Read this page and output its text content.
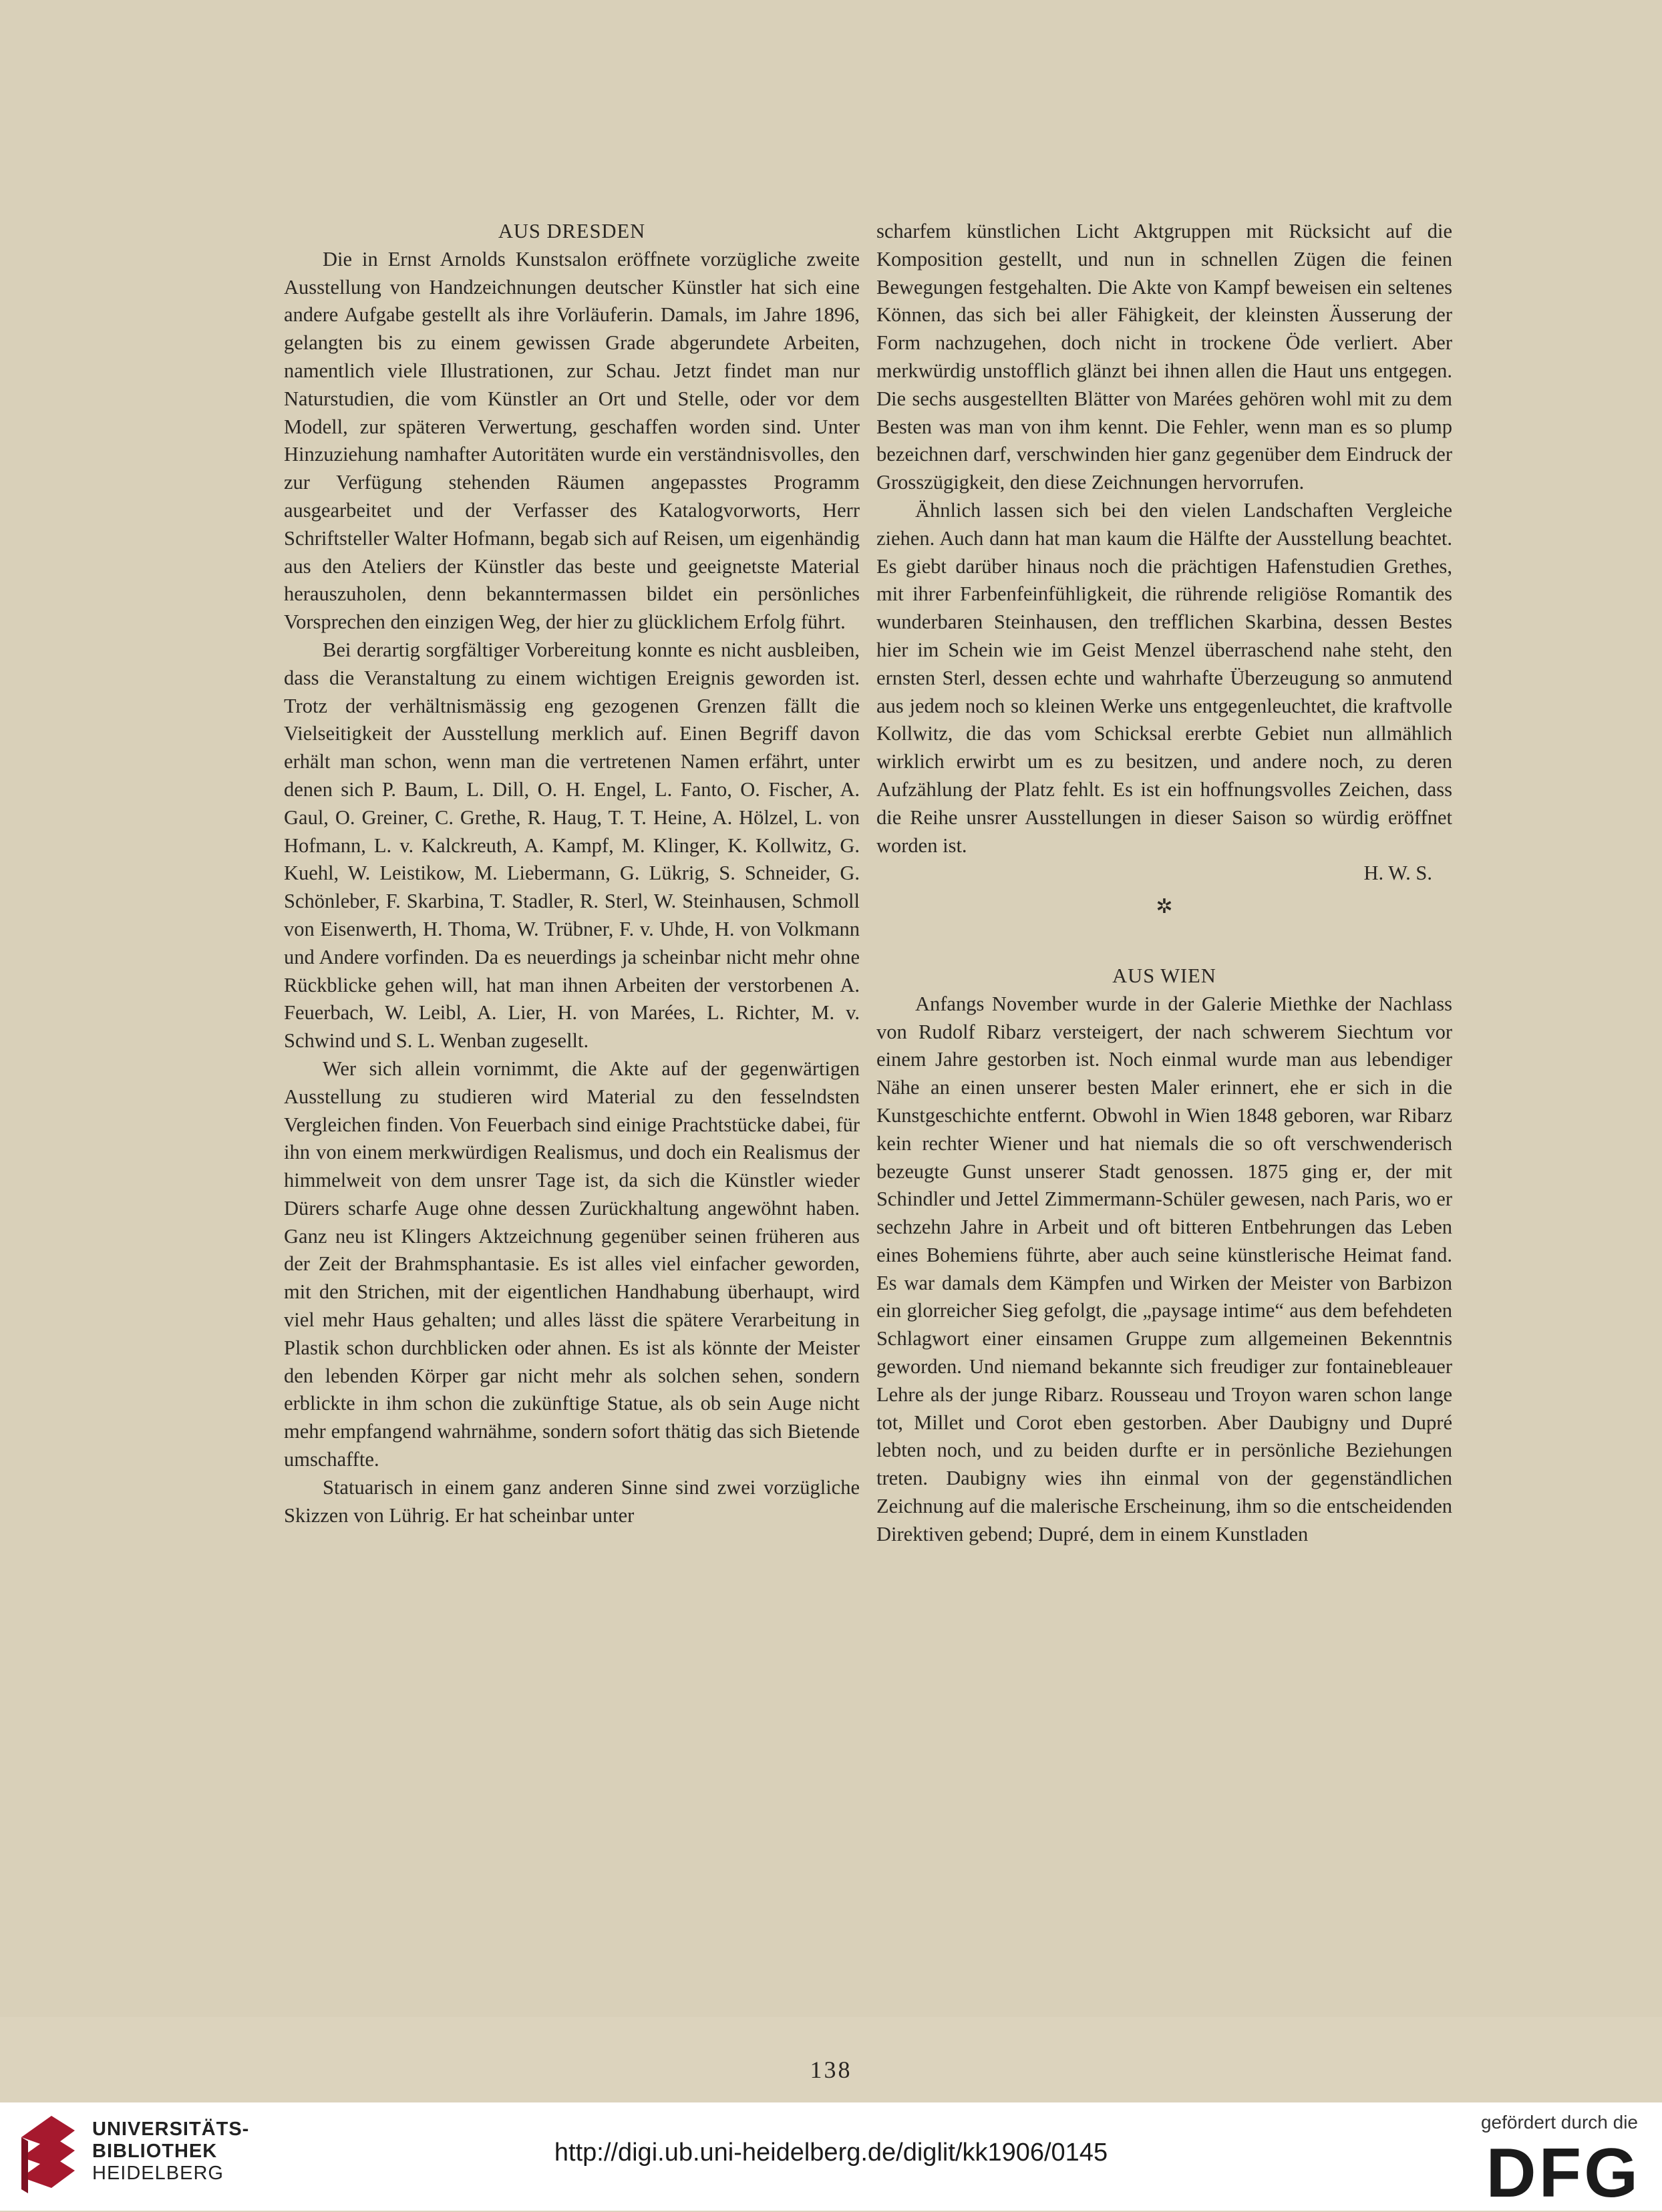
AUS DRESDEN

Die in Ernst Arnolds Kunstsalon eröffnete vorzügliche zweite Ausstellung von Handzeichnungen deutscher Künstler hat sich eine andere Aufgabe gestellt als ihre Vorläuferin. Damals, im Jahre 1896, gelangten bis zu einem gewissen Grade abgerundete Arbeiten, namentlich viele Illustrationen, zur Schau. Jetzt findet man nur Naturstudien, die vom Künstler an Ort und Stelle, oder vor dem Modell, zur späteren Verwertung, geschaffen worden sind. Unter Hinzuziehung namhafter Autoritäten wurde ein verständnisvolles, den zur Verfügung stehenden Räumen angepasstes Programm ausgearbeitet und der Verfasser des Katalogvorworts, Herr Schriftsteller Walter Hofmann, begab sich auf Reisen, um eigenhändig aus den Ateliers der Künstler das beste und geeignetste Material herauszuholen, denn bekanntermassen bildet ein persönliches Vorsprechen den einzigen Weg, der hier zu glücklichem Erfolg führt.

Bei derartig sorgfältiger Vorbereitung konnte es nicht ausbleiben, dass die Veranstaltung zu einem wichtigen Ereignis geworden ist. Trotz der verhältnismässig eng gezogenen Grenzen fällt die Vielseitigkeit der Ausstellung merklich auf. Einen Begriff davon erhält man schon, wenn man die vertretenen Namen erfährt, unter denen sich P. Baum, L. Dill, O. H. Engel, L. Fanto, O. Fischer, A. Gaul, O. Greiner, C. Grethe, R. Haug, T. T. Heine, A. Hölzel, L. von Hofmann, L. v. Kalckreuth, A. Kampf, M. Klinger, K. Kollwitz, G. Kuehl, W. Leistikow, M. Liebermann, G. Lükrig, S. Schneider, G. Schönleber, F. Skarbina, T. Stadler, R. Sterl, W. Steinhausen, Schmoll von Eisenwerth, H. Thoma, W. Trübner, F. v. Uhde, H. von Volkmann und Andere vorfinden. Da es neuerdings ja scheinbar nicht mehr ohne Rückblicke gehen will, hat man ihnen Arbeiten der verstorbenen A. Feuerbach, W. Leibl, A. Lier, H. von Marées, L. Richter, M. v. Schwind und S. L. Wenban zugesellt.

Wer sich allein vornimmt, die Akte auf der gegenwärtigen Ausstellung zu studieren wird Material zu den fesselndsten Vergleichen finden. Von Feuerbach sind einige Prachtstücke dabei, für ihn von einem merkwürdigen Realismus, und doch ein Realismus der himmelweit von dem unsrer Tage ist, da sich die Künstler wieder Dürers scharfe Auge ohne dessen Zurückhaltung angewöhnt haben. Ganz neu ist Klingers Aktzeichnung gegenüber seinen früheren aus der Zeit der Brahmsphantasie. Es ist alles viel einfacher geworden, mit den Strichen, mit der eigentlichen Handhabung überhaupt, wird viel mehr Haus gehalten; und alles lässt die spätere Verarbeitung in Plastik schon durchblicken oder ahnen. Es ist als könnte der Meister den lebenden Körper gar nicht mehr als solchen sehen, sondern erblickte in ihm schon die zukünftige Statue, als ob sein Auge nicht mehr empfangend wahrnähme, sondern sofort thätig das sich Bietende umschaffte.

Statuarisch in einem ganz anderen Sinne sind zwei vorzügliche Skizzen von Lührig. Er hat scheinbar unter

scharfem künstlichen Licht Aktgruppen mit Rücksicht auf die Komposition gestellt, und nun in schnellen Zügen die feinen Bewegungen festgehalten. Die Akte von Kampf beweisen ein seltenes Können, das sich bei aller Fähigkeit, der kleinsten Äusserung der Form nachzugehen, doch nicht in trockene Öde verliert. Aber merkwürdig unstofflich glänzt bei ihnen allen die Haut uns entgegen. Die sechs ausgestellten Blätter von Marées gehören wohl mit zu dem Besten was man von ihm kennt. Die Fehler, wenn man es so plump bezeichnen darf, verschwinden hier ganz gegenüber dem Eindruck der Grosszügigkeit, den diese Zeichnungen hervorrufen.

Ähnlich lassen sich bei den vielen Landschaften Vergleiche ziehen. Auch dann hat man kaum die Hälfte der Ausstellung beachtet. Es giebt darüber hinaus noch die prächtigen Hafenstudien Grethes, mit ihrer Farbenfeinfühligkeit, die rührende religiöse Romantik des wunderbaren Steinhausen, den trefflichen Skarbina, dessen Bestes hier im Schein wie im Geist Menzel überraschend nahe steht, den ernsten Sterl, dessen echte und wahrhafte Überzeugung so anmutend aus jedem noch so kleinen Werke uns entgegenleuchtet, die kraftvolle Kollwitz, die das vom Schicksal ererbte Gebiet nun allmählich wirklich erwirbt um es zu besitzen, und andere noch, zu deren Aufzählung der Platz fehlt. Es ist ein hoffnungsvolles Zeichen, dass die Reihe unsrer Ausstellungen in dieser Saison so würdig eröffnet worden ist.

H. W. S.

✲

AUS WIEN

Anfangs November wurde in der Galerie Miethke der Nachlass von Rudolf Ribarz versteigert, der nach schwerem Siechtum vor einem Jahre gestorben ist. Noch einmal wurde man aus lebendiger Nähe an einen unserer besten Maler erinnert, ehe er sich in die Kunstgeschichte entfernt. Obwohl in Wien 1848 geboren, war Ribarz kein rechter Wiener und hat niemals die so oft verschwenderisch bezeugte Gunst unserer Stadt genossen. 1875 ging er, der mit Schindler und Jettel Zimmermann-Schüler gewesen, nach Paris, wo er sechzehn Jahre in Arbeit und oft bitteren Entbehrungen das Leben eines Bohemiens führte, aber auch seine künstlerische Heimat fand. Es war damals dem Kämpfen und Wirken der Meister von Barbizon ein glorreicher Sieg gefolgt, die „paysage intime“ aus dem befehdeten Schlagwort einer einsamen Gruppe zum allgemeinen Bekenntnis geworden. Und niemand bekannte sich freudiger zur fontainebleauer Lehre als der junge Ribarz. Rousseau und Troyon waren schon lange tot, Millet und Corot eben gestorben. Aber Daubigny und Dupré lebten noch, und zu beiden durfte er in persönliche Beziehungen treten. Daubigny wies ihn einmal von der gegenständlichen Zeichnung auf die malerische Erscheinung, ihm so die entscheidenden Direktiven gebend; Dupré, dem in einem Kunstladen

138
UNIVERSITÄTS-
BIBLIOTHEK
HEIDELBERG
http://digi.ub.uni-heidelberg.de/diglit/kk1906/0145
gefördert durch die
DFG
